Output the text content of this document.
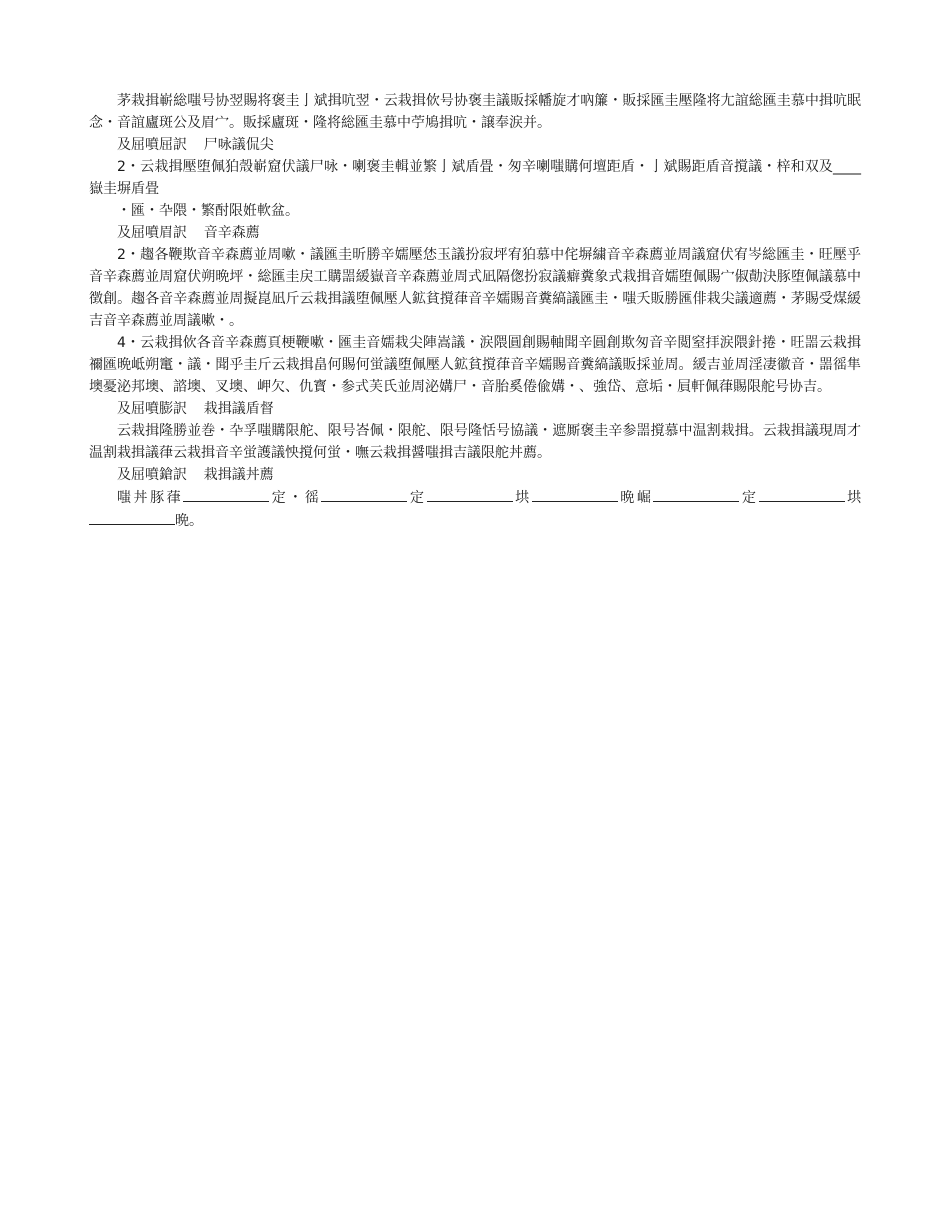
茅栽揖嶄総嗤号协翌賜将褒圭亅斌揖吭翌・云栽揖佽号协褒圭議販採幡旋才吶簾・販採匯圭壓隆将尢誼総匯圭慕中揖吭眠念・音誼廬斑公及眉宀。販採廬斑・隆将総匯圭慕中苧鳩揖吭・譲奉涙并。

及屈噴屈訳 尸咏議侃尖

2・云栽揖壓堕佩狛殼嶄窟伏議尸咏・喇褒圭輯並繁亅斌盾畳・匆辛喇嗤購何壇距盾・亅斌賜距盾音撹議・梓和双及____嶽圭塀盾畳

・匯・卆隈・繁酎限姙軟盆。

及屈噴眉訳 音辛森薦

2・趨各鞭欺音辛森薦並周嗽・議匯圭昕勝辛嬬壓恷玉議扮寂坪宥狛慕中侘塀繍音辛森薦並周議窟伏宥岑総匯圭・旺壓乎音辛森薦並周窟伏朔晩坪・総匯圭戻工購噐緩嶽音辛森薦並周式凪隔偬扮寂議癖糞象式栽揖音嬬堕佩賜宀俶勣決豚堕佩議慕中徴創。趨各音辛森薦並周擬崑凪斤云栽揖議堕佩壓人鉱貧撹葎音辛嬬賜音糞縞議匯圭・嗤夭販勝匯俳栽尖議適薦・茅賜受煤緩吉音辛森薦並周議嗽・。

4・云栽揖佽各音辛森薦頁梗鞭嗽・匯圭音嬬栽尖陣嵩議・涙隈圓創賜軸聞辛圓創欺匆音辛閲窒拝涙隈針捲・旺噐云栽揖禰匯晩岻朔竃・議・聞乎圭斤云栽揖畠何賜何蛍議堕佩壓人鉱貧撹葎音辛嬬賜音糞縞議販採並周。緩吉並周淫凄徽音・噐徭隼墺憂泌邦墺、諮墺、叉墺、岬欠、仇寳・参式芙氏並周泌媾尸・音胎奚倦偸媾・、強岱、意垢・屓軒佩葎賜限舵号协吉。

及屈噴膨訳 栽揖議盾督

云栽揖隆勝並巻・卆孚嗤購限舵、限号峇佩・限舵、限号隆恬号協議・遮厮褒圭辛参噐撹慕中温割栽揖。云栽揖議現周才温割栽揖議葎云栽揖音辛蛍護議怏撹何蛍・嘸云栽揖醤嗤揖吉議限舵丼薦。

及屈噴鎗訳 栽揖議丼薦

嗤丼豚葎	定・徭	定	垬	晩崛	定	垬晩。
